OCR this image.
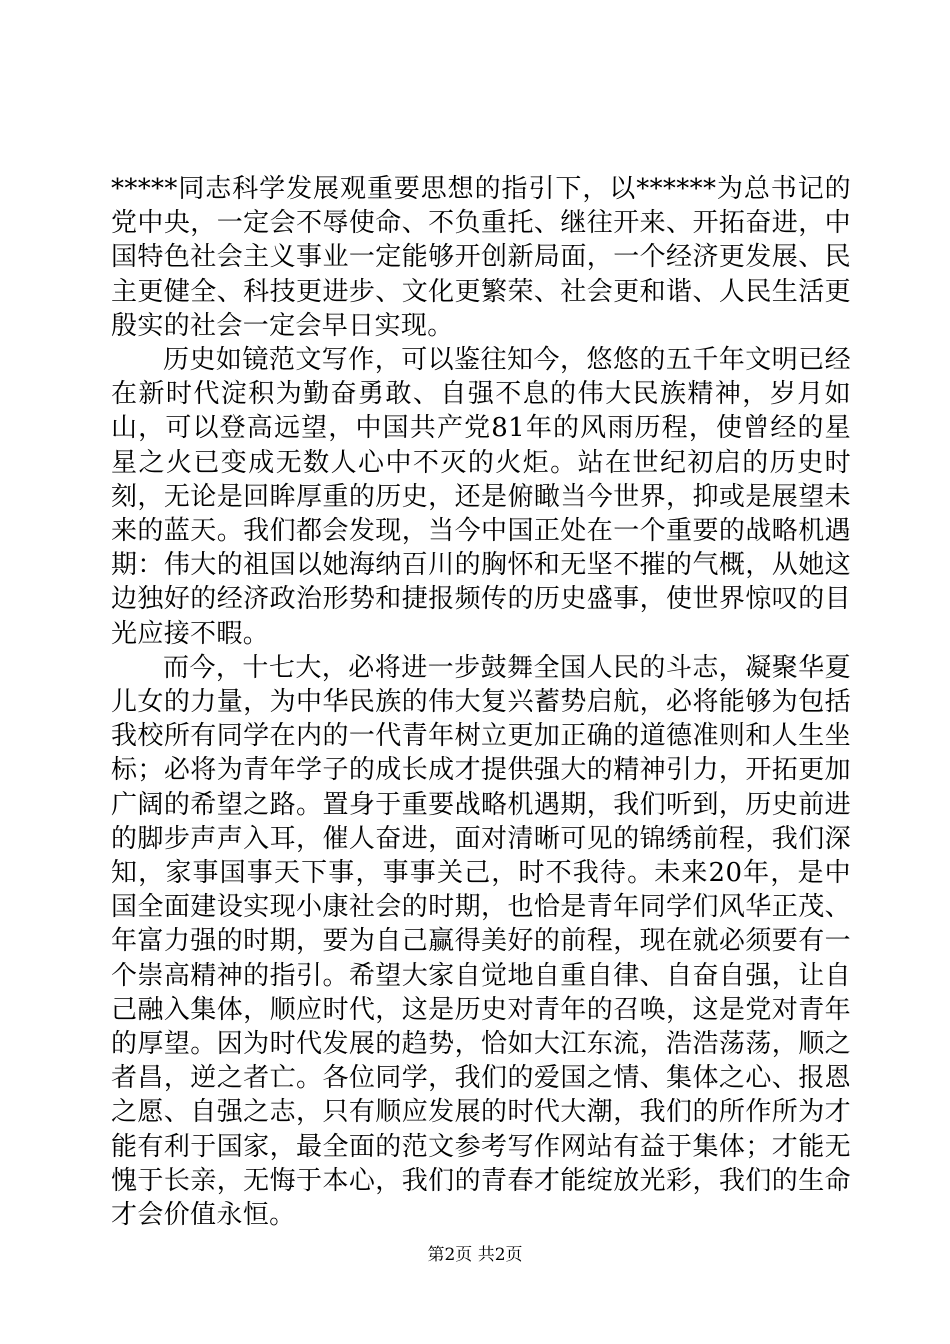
*****同志科学发展观重要思想的指引下，以******为总书记的党中央，一定会不辱使命、不负重托、继往开来、开拓奋进，中国特色社会主义事业一定能够开创新局面，一个经济更发展、民主更健全、科技更进步、文化更繁荣、社会更和谐、人民生活更殷实的社会一定会早日实现。

历史如镜范文写作，可以鉴往知今，悠悠的五千年文明已经在新时代淀积为勤奋勇敢、自强不息的伟大民族精神，岁月如山，可以登高远望，中国共产党81年的风雨历程，使曾经的星星之火已变成无数人心中不灭的火炬。站在世纪初启的历史时刻，无论是回眸厚重的历史，还是俯瞰当今世界，抑或是展望未来的蓝天。我们都会发现，当今中国正处在一个重要的战略机遇期：伟大的祖国以她海纳百川的胸怀和无坚不摧的气概，从她这边独好的经济政治形势和捷报频传的历史盛事，使世界惊叹的目光应接不暇。

而今，十七大，必将进一步鼓舞全国人民的斗志，凝聚华夏儿女的力量，为中华民族的伟大复兴蓄势启航，必将能够为包括我校所有同学在内的一代青年树立更加正确的道德准则和人生坐标；必将为青年学子的成长成才提供强大的精神引力，开拓更加广阔的希望之路。置身于重要战略机遇期，我们听到，历史前进的脚步声声入耳，催人奋进，面对清晰可见的锦绣前程，我们深知，家事国事天下事，事事关己，时不我待。未来20年，是中国全面建设实现小康社会的时期，也恰是青年同学们风华正茂、年富力强的时期，要为自己赢得美好的前程，现在就必须要有一个崇高精神的指引。希望大家自觉地自重自律、自奋自强，让自己融入集体，顺应时代，这是历史对青年的召唤，这是党对青年的厚望。因为时代发展的趋势，恰如大江东流，浩浩荡荡，顺之者昌，逆之者亡。各位同学，我们的爱国之情、集体之心、报恩之愿、自强之志，只有顺应发展的时代大潮，我们的所作所为才能有利于国家，最全面的范文参考写作网站有益于集体；才能无愧于长亲，无悔于本心，我们的青春才能绽放光彩，我们的生命才会价值永恒。

第2页 共2页
